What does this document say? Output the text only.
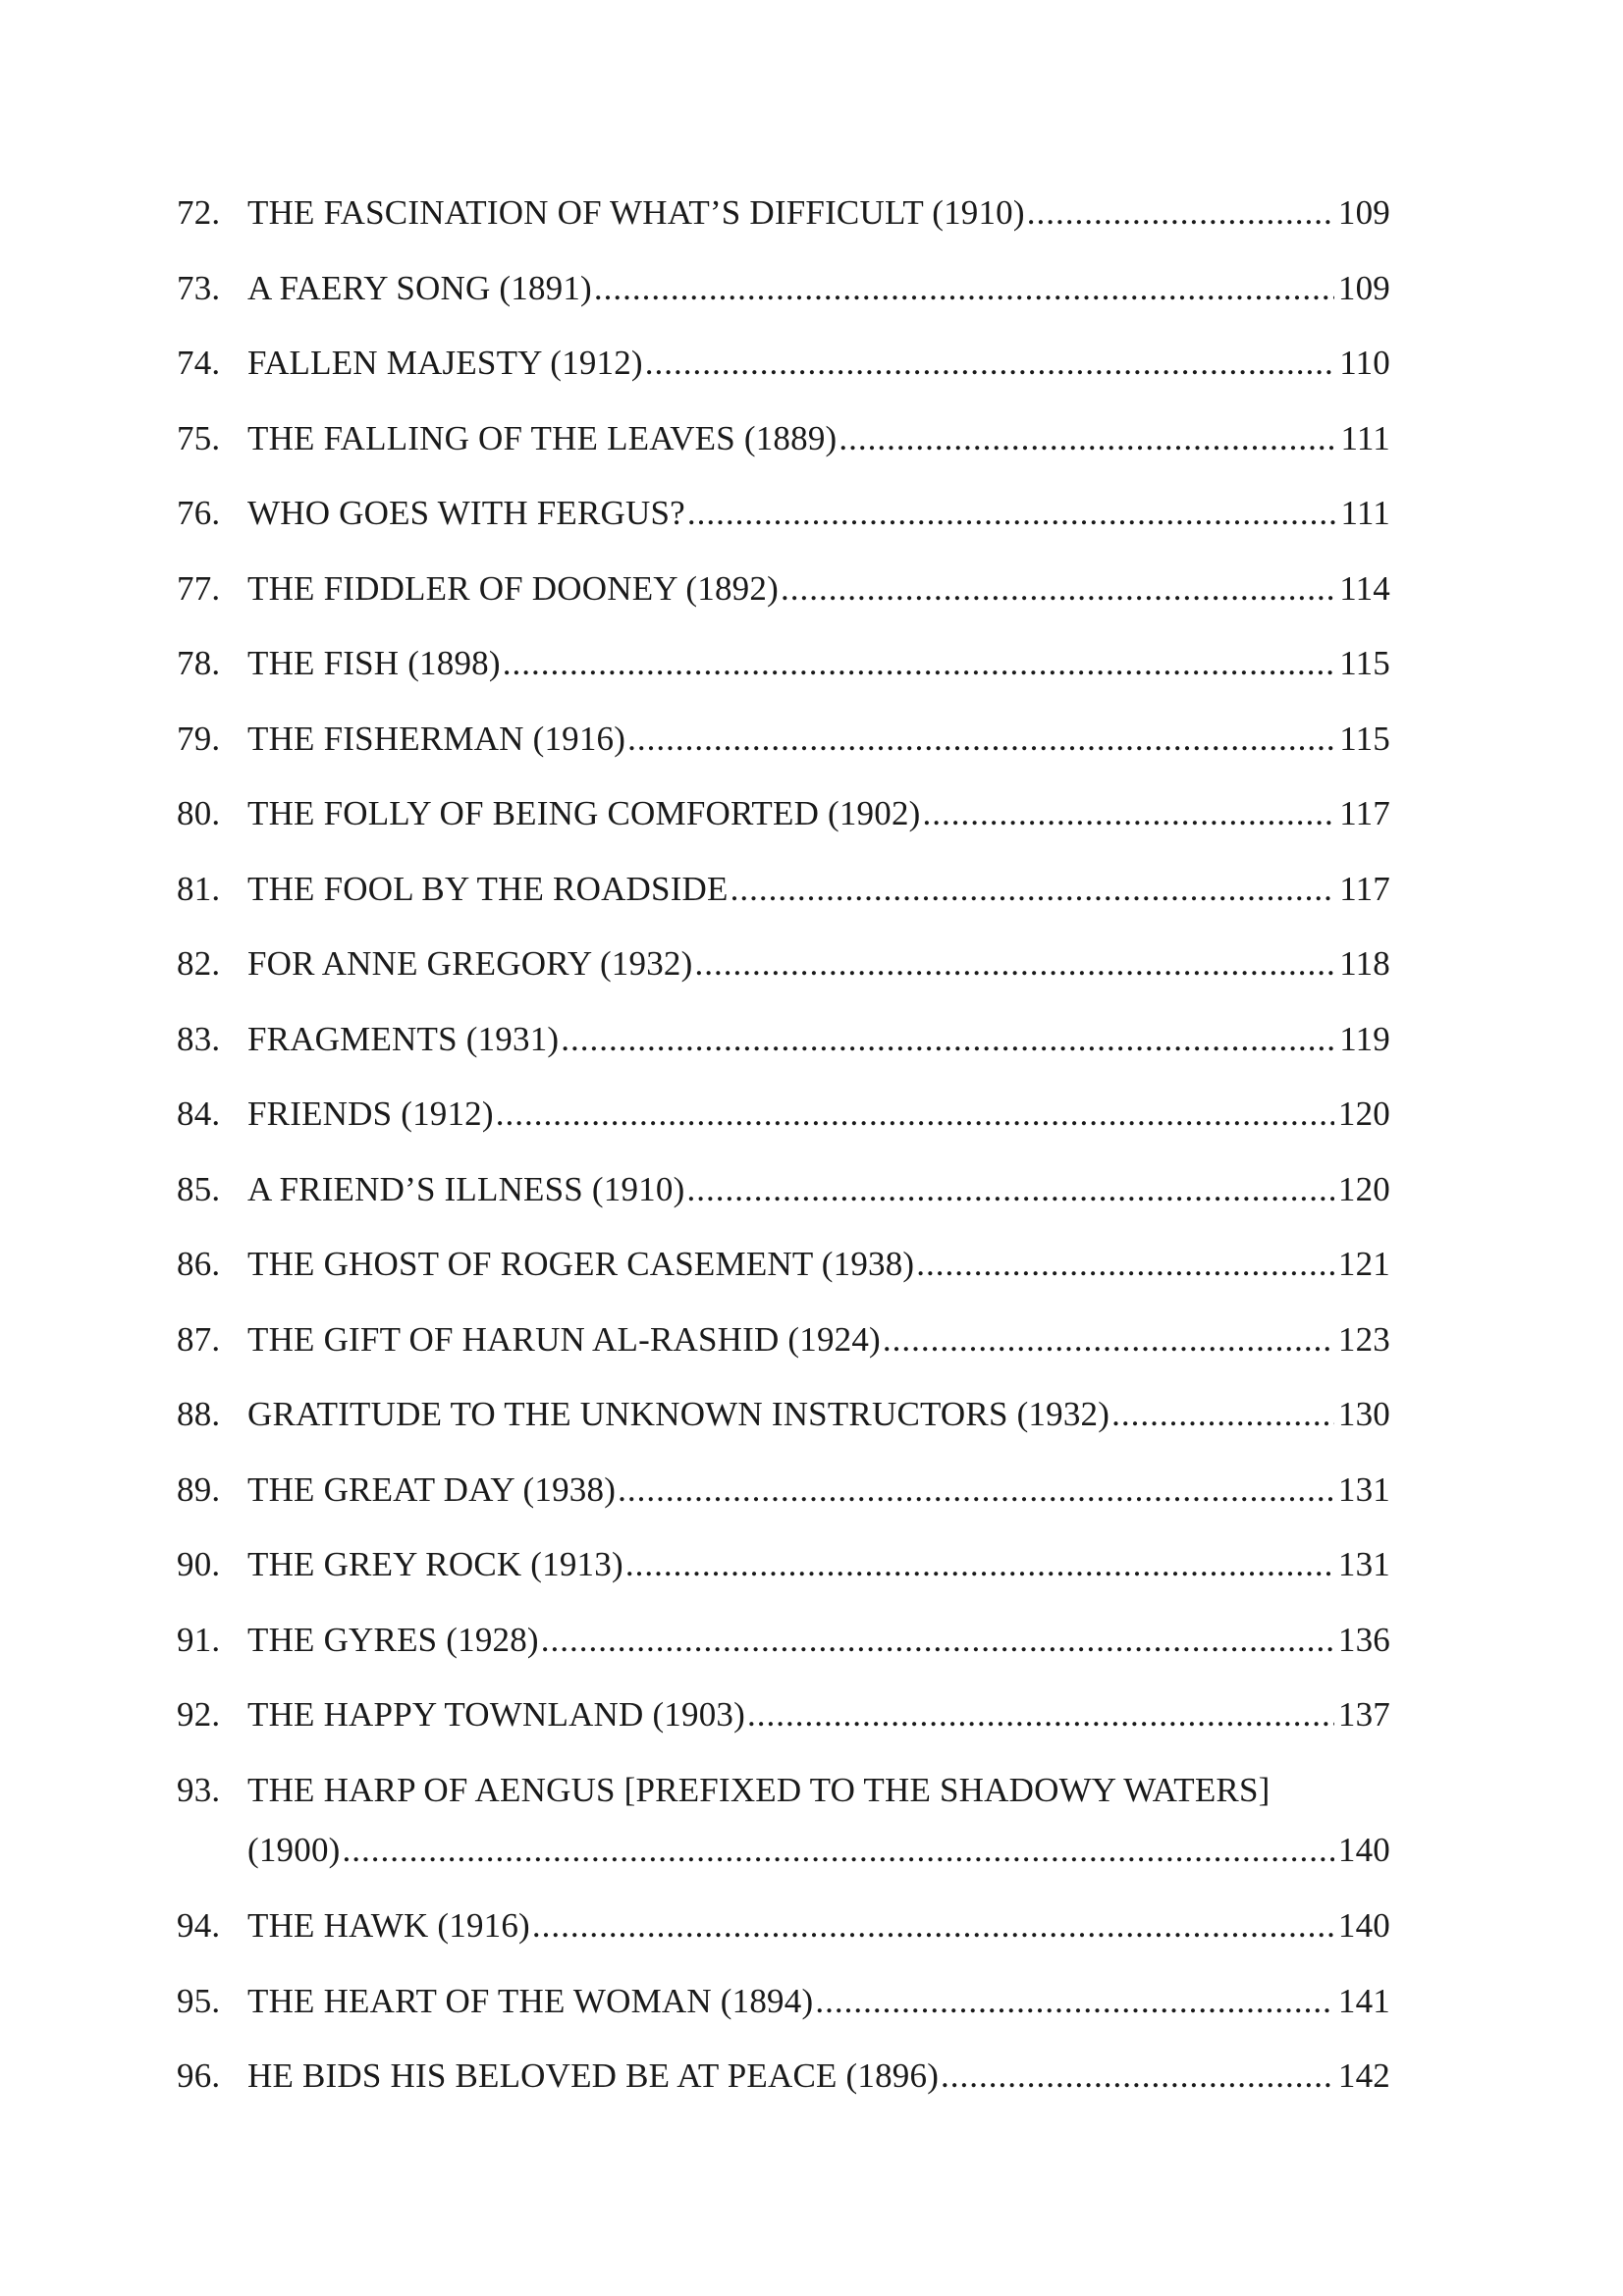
72. THE FASCINATION OF WHAT’S DIFFICULT (1910) .....	109
73. A FAERY SONG (1891) .....	109
74. FALLEN MAJESTY (1912) .....	110
75. THE FALLING OF THE LEAVES (1889) .....	111
76. WHO GOES WITH FERGUS? .....	111
77. THE FIDDLER OF DOONEY (1892) .....	114
78. THE FISH (1898) .....	115
79. THE FISHERMAN (1916) .....	115
80. THE FOLLY OF BEING COMFORTED (1902) .....	117
81. THE FOOL BY THE ROADSIDE .....	117
82. FOR ANNE GREGORY (1932) .....	118
83. FRAGMENTS (1931) .....	119
84. FRIENDS (1912) .....	120
85. A FRIEND’S ILLNESS (1910) .....	120
86. THE GHOST OF ROGER CASEMENT (1938) .....	121
87. THE GIFT OF HARUN AL-RASHID (1924) .....	123
88. GRATITUDE TO THE UNKNOWN INSTRUCTORS (1932) .....	130
89. THE GREAT DAY (1938) .....	131
90. THE GREY ROCK (1913) .....	131
91. THE GYRES (1928) .....	136
92. THE HAPPY TOWNLAND (1903) .....	137
93. THE HARP OF AENGUS [PREFIXED TO THE SHADOWY WATERS]
(1900) .....	140
94. THE HAWK (1916) .....	140
95. THE HEART OF THE WOMAN (1894) .....	141
96. HE BIDS HIS BELOVED BE AT PEACE (1896) .....	142
